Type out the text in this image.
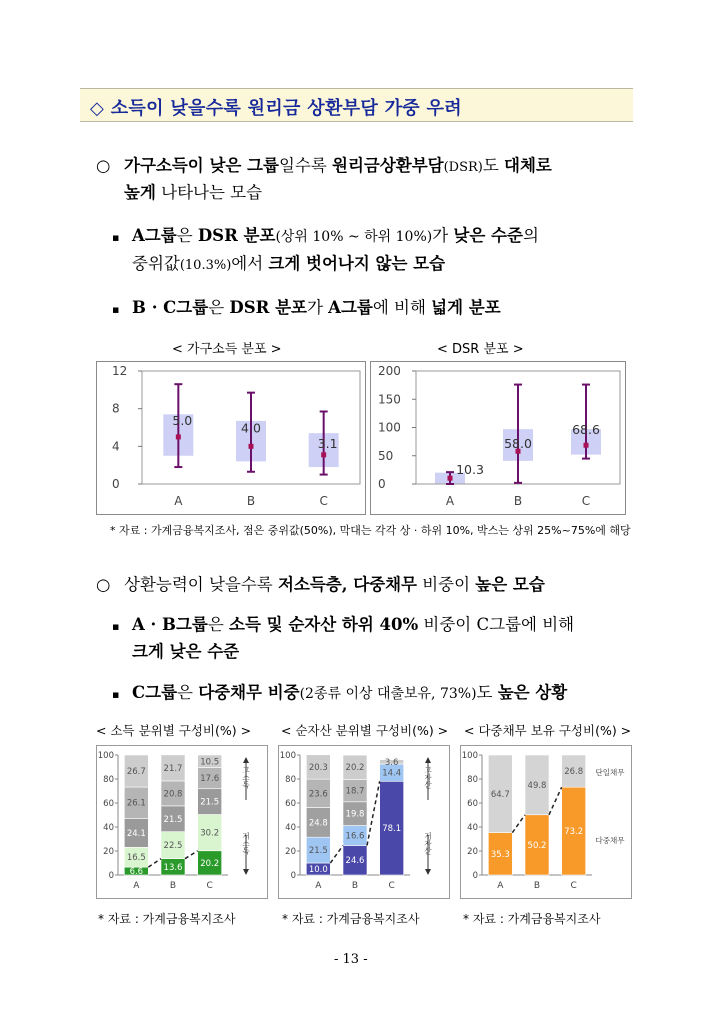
◇ 소득이 낮을수록 원리금 상환부담 가중 우려
○ 가구소득이 낮은 그룹일수록 원리금상환부담(DSR)도 대체로
높게 나타나는 모습
▪ A그룹은 DSR 분포(상위 10% ~ 하위 10%)가 낮은 수준의
중위값(10.3%)에서 크게 벗어나지 않는 모습
▪ B · C그룹은 DSR 분포가 A그룹에 비해 넓게 분포
< 가구소득 분포 >	< DSR 분포 >
0
4
8
12
5.0
A
4.0
B
3.1
C
0
50
100
150
200
10.3
A
58.0
B
68.6
C
* 자료 : 가계금융복지조사, 점은 중위값(50%), 막대는 각각 상 · 하위 10%, 박스는 상위 25%~75%에 해당
○ 상환능력이 낮을수록 저소득층, 다중채무 비중이 높은 모습
▪ A · B그룹은 소득 및 순자산 하위 40% 비중이 C그룹에 비해
크게 낮은 수준
▪ C그룹은 다중채무 비중(2종류 이상 대출보유, 73%)도 높은 상황
< 소득 분위별 구성비(%) > < 순자산 분위별 구성비(%) > < 다중채무 보유 구성비(%) >
0
20
40
60
80
100
6.6
16.5
24.1
26.1
26.7
A
13.6
22.5
21.5
20.8
21.7
B
20.2
30.2
21.5
17.6
10.5
C
고소득
저소득
0
20
40
60
80
100
10.0
21.5
24.8
23.6
20.3
A
24.6
16.6
19.8
18.7
20.2
B
78.1
14.4
3.6
C
고자산
저자산
0
20
40
60
80
100
35.3
64.7
A
50.2
49.8
B
73.2
26.8
C
단일채무
다중채무
* 자료 : 가계금융복지조사	* 자료 : 가계금융복지조사	* 자료 : 가계금융복지조사
- 13 -
